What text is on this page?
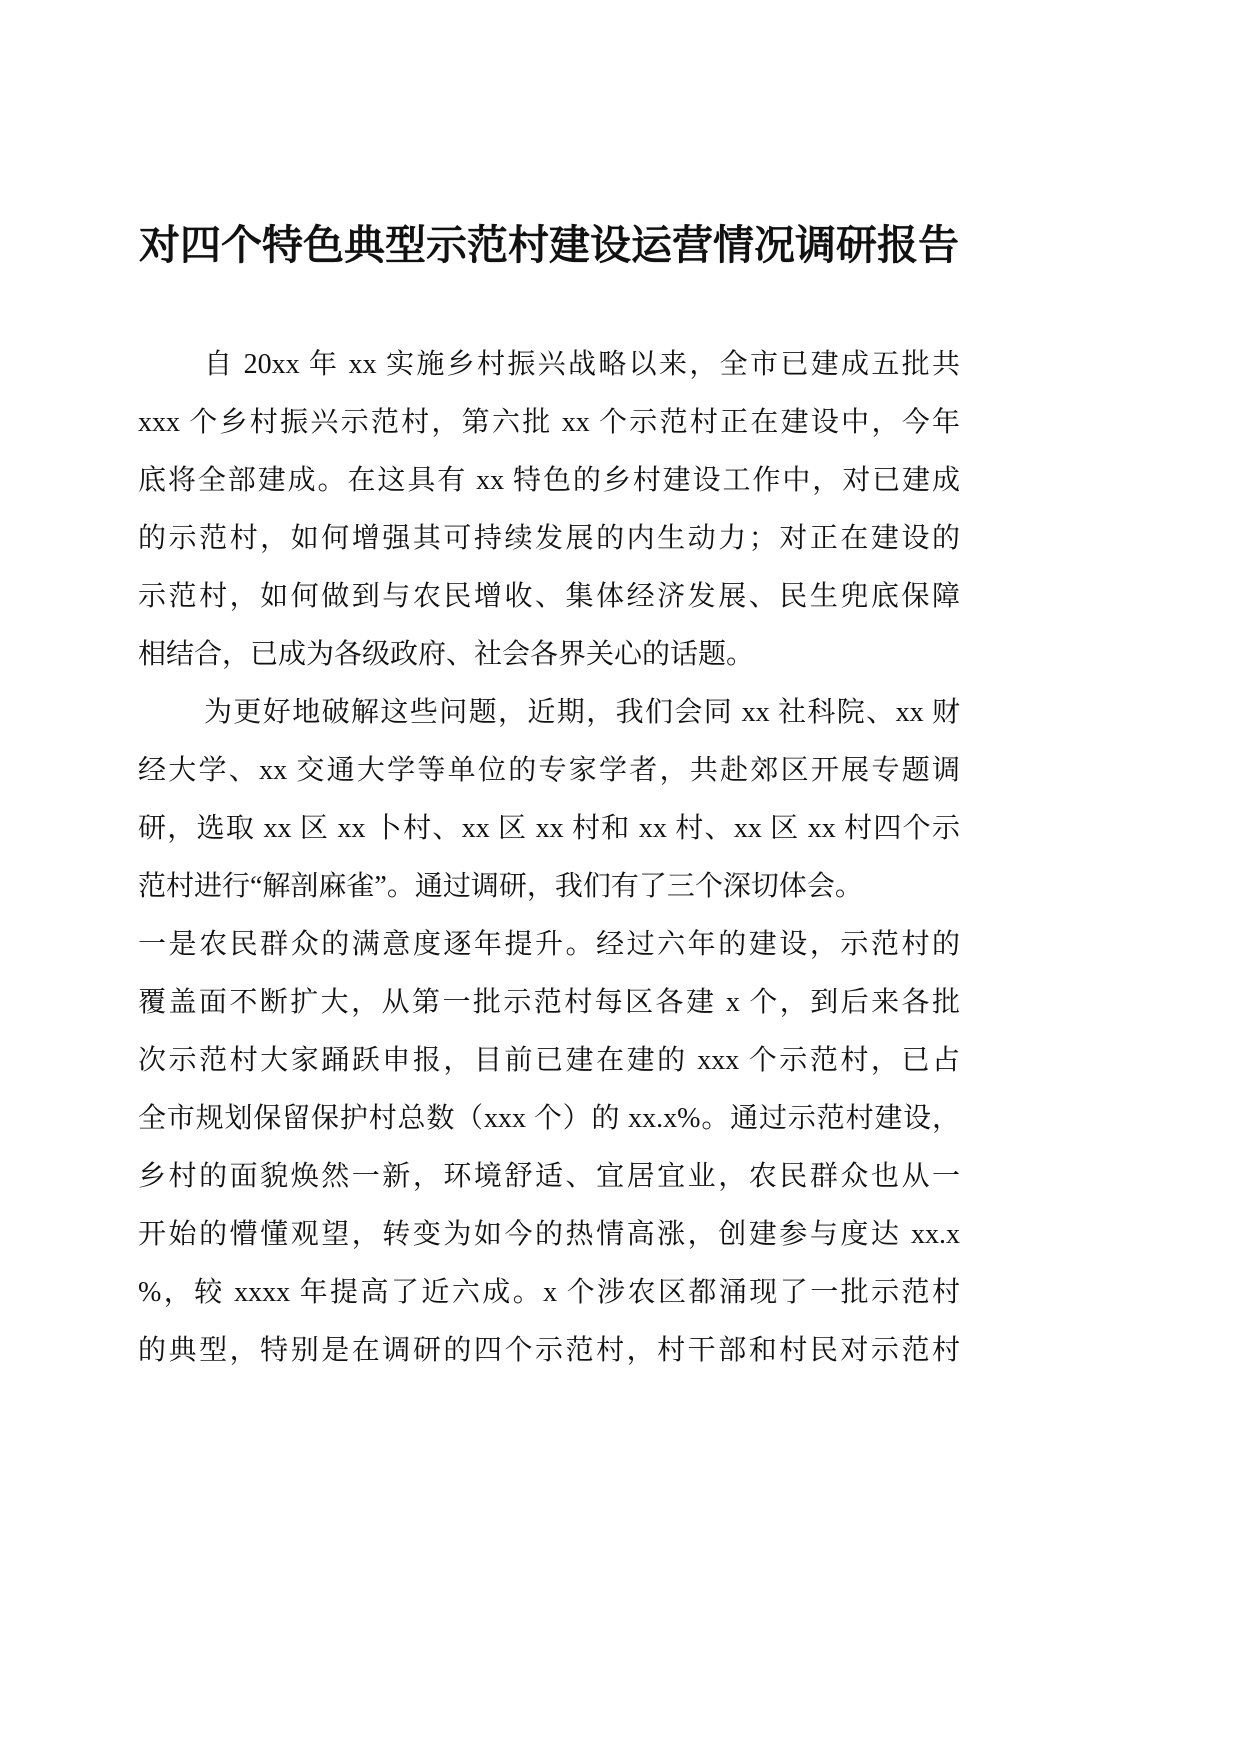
对四个特色典型示范村建设运营情况调研报告
自 20xx 年 xx 实施乡村振兴战略以来，全市已建成五批共
xxx 个乡村振兴示范村，第六批 xx 个示范村正在建设中，今年
底将全部建成。在这具有 xx 特色的乡村建设工作中，对已建成
的示范村，如何增强其可持续发展的内生动力；对正在建设的
示范村，如何做到与农民增收、集体经济发展、民生兜底保障
相结合，已成为各级政府、社会各界关心的话题。
为更好地破解这些问题，近期，我们会同 xx 社科院、xx 财
经大学、xx 交通大学等单位的专家学者，共赴郊区开展专题调
研，选取 xx 区 xx 卜村、xx 区 xx 村和 xx 村、xx 区 xx 村四个示
范村进行“解剖麻雀”。通过调研，我们有了三个深切体会。
一是农民群众的满意度逐年提升。经过六年的建设，示范村的
覆盖面不断扩大，从第一批示范村每区各建 x 个，到后来各批
次示范村大家踊跃申报，目前已建在建的 xxx 个示范村，已占
全市规划保留保护村总数（xxx 个）的 xx.x%。通过示范村建设，
乡村的面貌焕然一新，环境舒适、宜居宜业，农民群众也从一
开始的懵懂观望，转变为如今的热情高涨，创建参与度达 xx.x
%，较 xxxx 年提高了近六成。x 个涉农区都涌现了一批示范村
的典型，特别是在调研的四个示范村，村干部和村民对示范村
